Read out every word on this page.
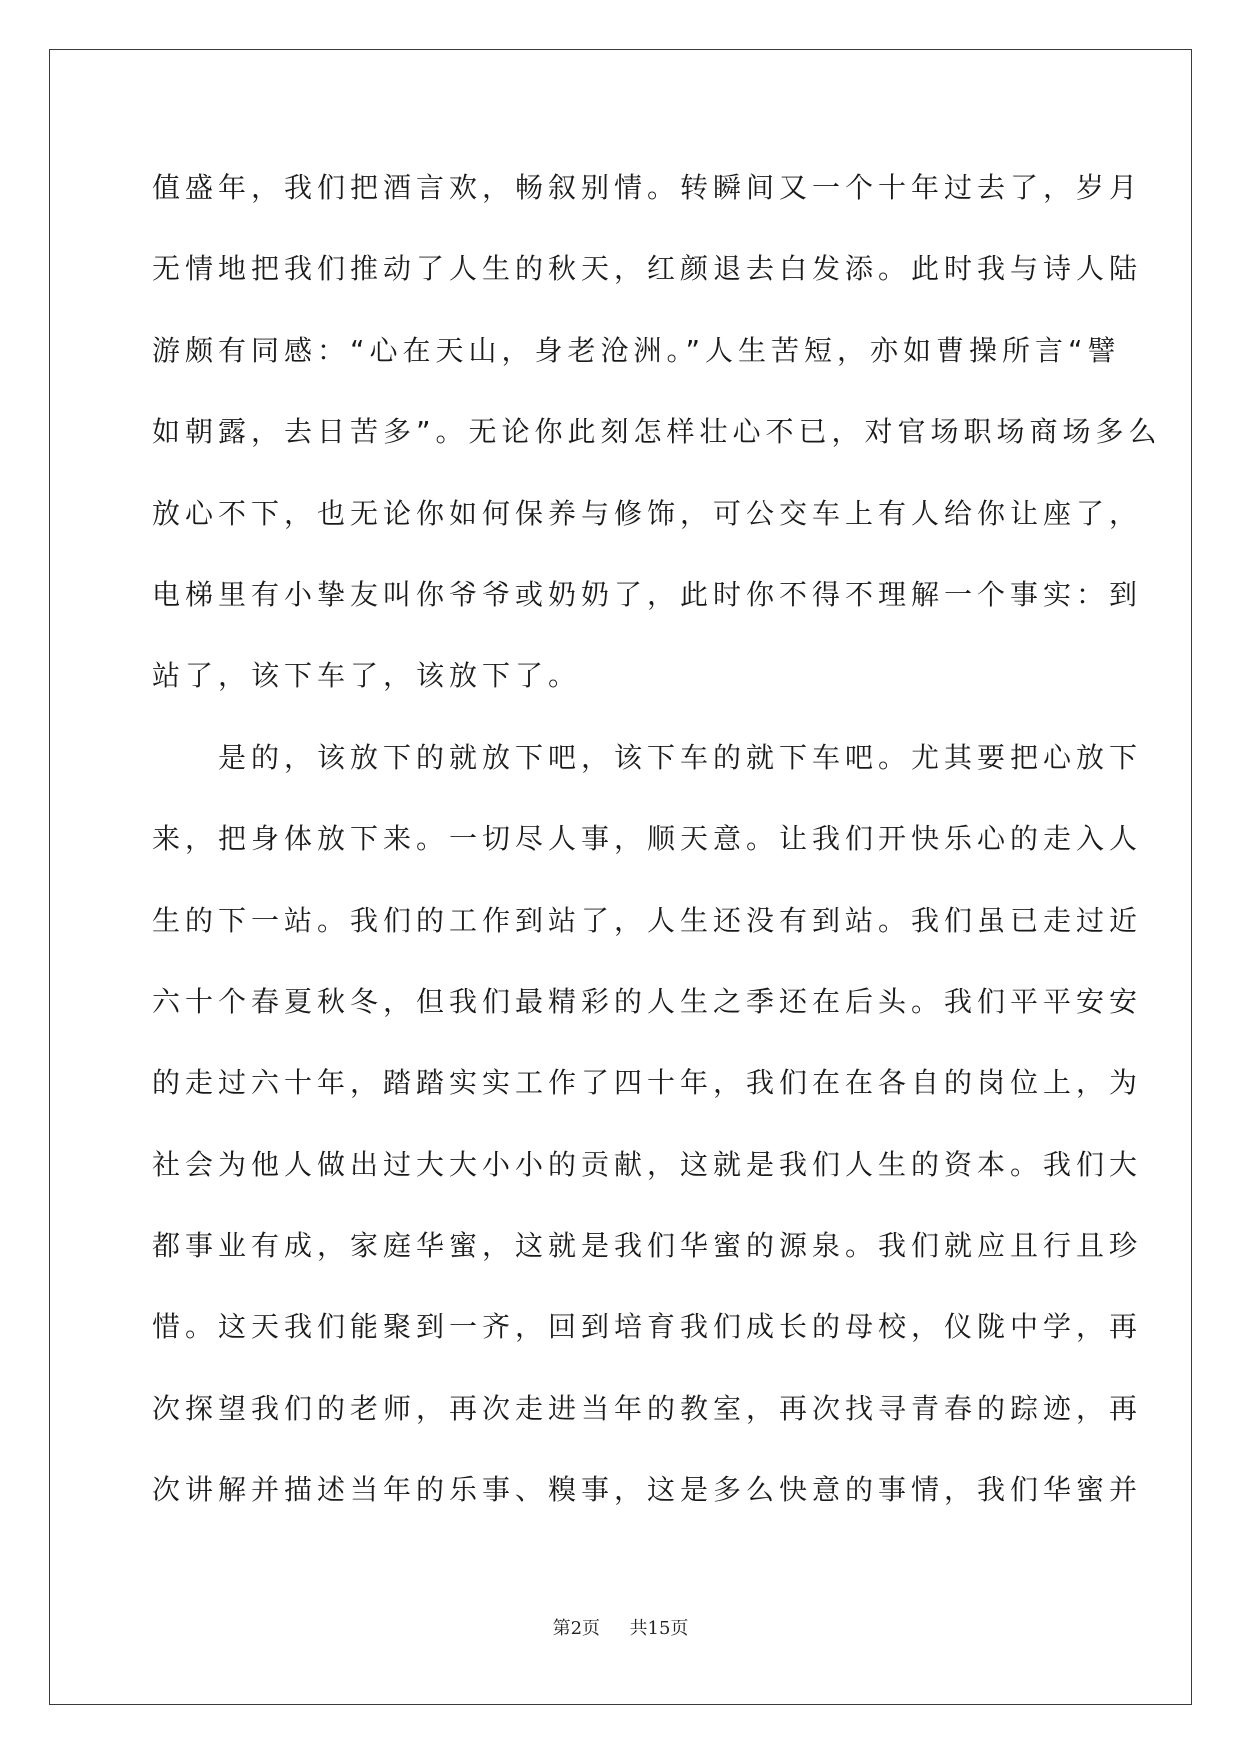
值盛年，我们把酒言欢，畅叙别情。转瞬间又一个十年过去了，岁月
无情地把我们推动了人生的秋天，红颜退去白发添。此时我与诗人陆
游颇有同感：“心在天山，身老沧洲。”人生苦短，亦如曹操所言“譬
如朝露，去日苦多”。无论你此刻怎样壮心不已，对官场职场商场多么
放心不下，也无论你如何保养与修饰，可公交车上有人给你让座了，
电梯里有小挚友叫你爷爷或奶奶了，此时你不得不理解一个事实：到
站了，该下车了，该放下了。
　　是的，该放下的就放下吧，该下车的就下车吧。尤其要把心放下
来，把身体放下来。一切尽人事，顺天意。让我们开快乐心的走入人
生的下一站。我们的工作到站了，人生还没有到站。我们虽已走过近
六十个春夏秋冬，但我们最精彩的人生之季还在后头。我们平平安安
的走过六十年，踏踏实实工作了四十年，我们在在各自的岗位上，为
社会为他人做出过大大小小的贡献，这就是我们人生的资本。我们大
都事业有成，家庭华蜜，这就是我们华蜜的源泉。我们就应且行且珍
惜。这天我们能聚到一齐，回到培育我们成长的母校，仪陇中学，再
次探望我们的老师，再次走进当年的教室，再次找寻青春的踪迹，再
次讲解并描述当年的乐事、糗事，这是多么快意的事情，我们华蜜并
第2页 共15页
